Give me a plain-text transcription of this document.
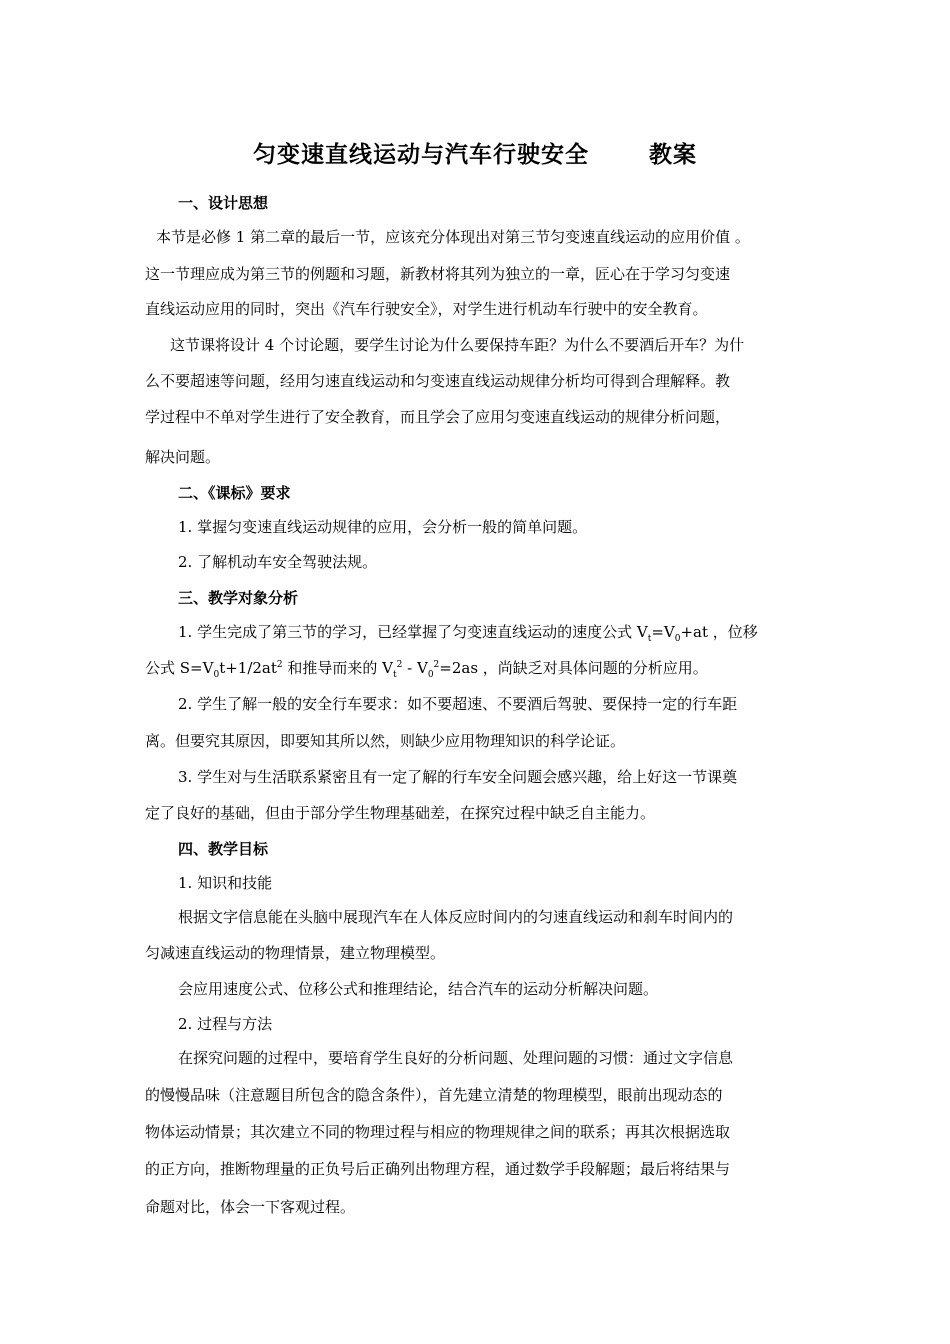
匀变速直线运动与汽车行驶安全	教案
一、设计思想
本节是必修 1 第二章的最后一节，应该充分体现出对第三节匀变速直线运动的应用价值 。
这一节理应成为第三节的例题和习题，新教材将其列为独立的一章，匠心在于学习匀变速
直线运动应用的同时，突出《汽车行驶安全》，对学生进行机动车行驶中的安全教育。
这节课将设计 4 个讨论题，要学生讨论为什么要保持车距？为什么不要酒后开车？为什
么不要超速等问题，经用匀速直线运动和匀变速直线运动规律分析均可得到合理解释。教
学过程中不单对学生进行了安全教育，而且学会了应用匀变速直线运动的规律分析问题，
解决问题。
二、《课标》要求
1. 掌握匀变速直线运动规律的应用，会分析一般的简单问题。
2. 了解机动车安全驾驶法规。
三、教学对象分析
1. 学生完成了第三节的学习，已经掌握了匀变速直线运动的速度公式 $V_t=V_0+at$ ，位移
公式 $S=V_0t+1/2at^2$ 和推导而来的 $V_t^2 - V_0^2=2as$ ，尚缺乏对具体问题的分析应用。
2. 学生了解一般的安全行车要求：如不要超速、不要酒后驾驶、要保持一定的行车距
离。但要究其原因，即要知其所以然，则缺少应用物理知识的科学论证。
3. 学生对与生活联系紧密且有一定了解的行车安全问题会感兴趣，给上好这一节课奠
定了良好的基础，但由于部分学生物理基础差，在探究过程中缺乏自主能力。
四、教学目标
1. 知识和技能
根据文字信息能在头脑中展现汽车在人体反应时间内的匀速直线运动和刹车时间内的
匀减速直线运动的物理情景，建立物理模型。
会应用速度公式、位移公式和推理结论，结合汽车的运动分析解决问题。
2. 过程与方法
在探究问题的过程中，要培育学生良好的分析问题、处理问题的习惯：通过文字信息
的慢慢品味（注意题目所包含的隐含条件），首先建立清楚的物理模型，眼前出现动态的
物体运动情景；其次建立不同的物理过程与相应的物理规律之间的联系；再其次根据选取
的正方向，推断物理量的正负号后正确列出物理方程，通过数学手段解题；最后将结果与
命题对比，体会一下客观过程。
